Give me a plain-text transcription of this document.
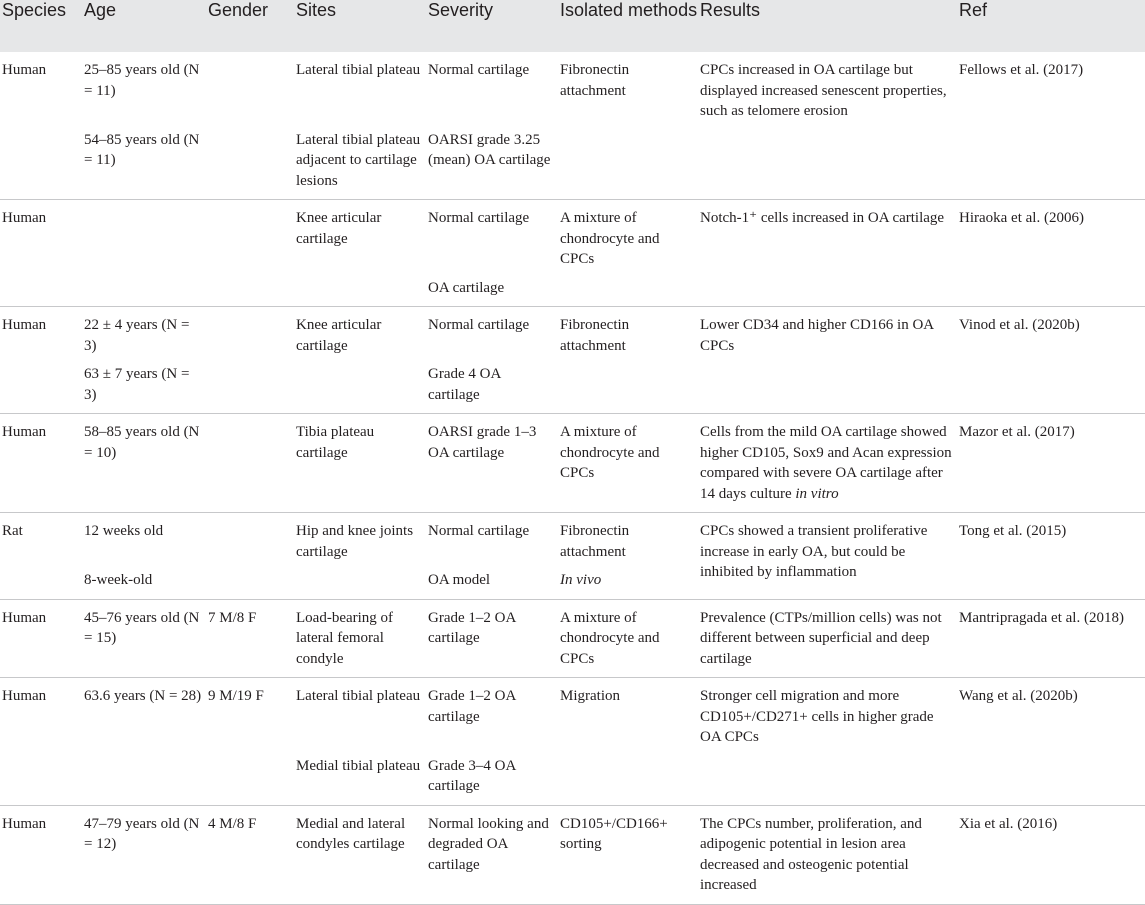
Species	Age	Gender	Sites	Severity	Isolated methods	Results	Ref
Human	25–85 years old (N = 11)		Lateral tibial plateau	Normal cartilage	Fibronectin attachment	CPCs increased in OA cartilage but displayed increased senescent properties, such as telomere erosion	Fellows et al. (2017)
	54–85 years old (N = 11)		Lateral tibial plateau adjacent to cartilage lesions	OARSI grade 3.25 (mean) OA cartilage			
Human			Knee articular cartilage	Normal cartilage	A mixture of chondrocyte and CPCs	Notch-1⁺ cells increased in OA cartilage	Hiraoka et al. (2006)
				OA cartilage			
Human	22 ± 4 years (N = 3)		Knee articular cartilage	Normal cartilage	Fibronectin attachment	Lower CD34 and higher CD166 in OA CPCs	Vinod et al. (2020b)
	63 ± 7 years (N = 3)			Grade 4 OA cartilage			
Human	58–85 years old (N = 10)		Tibia plateau cartilage	OARSI grade 1–3 OA cartilage	A mixture of chondrocyte and CPCs	Cells from the mild OA cartilage showed higher CD105, Sox9 and Acan expression compared with severe OA cartilage after 14 days culture in vitro	Mazor et al. (2017)
Rat	12 weeks old		Hip and knee joints cartilage	Normal cartilage	Fibronectin attachment	CPCs showed a transient proliferative increase in early OA, but could be inhibited by inflammation	Tong et al. (2015)
	8-week-old			OA model	In vivo		
Human	45–76 years old (N = 15)	7 M/8 F	Load-bearing of lateral femoral condyle	Grade 1–2 OA cartilage	A mixture of chondrocyte and CPCs	Prevalence (CTPs/million cells) was not different between superficial and deep cartilage	Mantripragada et al. (2018)
Human	63.6 years (N = 28)	9 M/19 F	Lateral tibial plateau	Grade 1–2 OA cartilage	Migration	Stronger cell migration and more CD105+/CD271+ cells in higher grade OA CPCs	Wang et al. (2020b)
			Medial tibial plateau	Grade 3–4 OA cartilage			
Human	47–79 years old (N = 12)	4 M/8 F	Medial and lateral condyles cartilage	Normal looking and degraded OA cartilage	CD105+/CD166+ sorting	The CPCs number, proliferation, and adipogenic potential in lesion area decreased and osteogenic potential increased	Xia et al. (2016)
